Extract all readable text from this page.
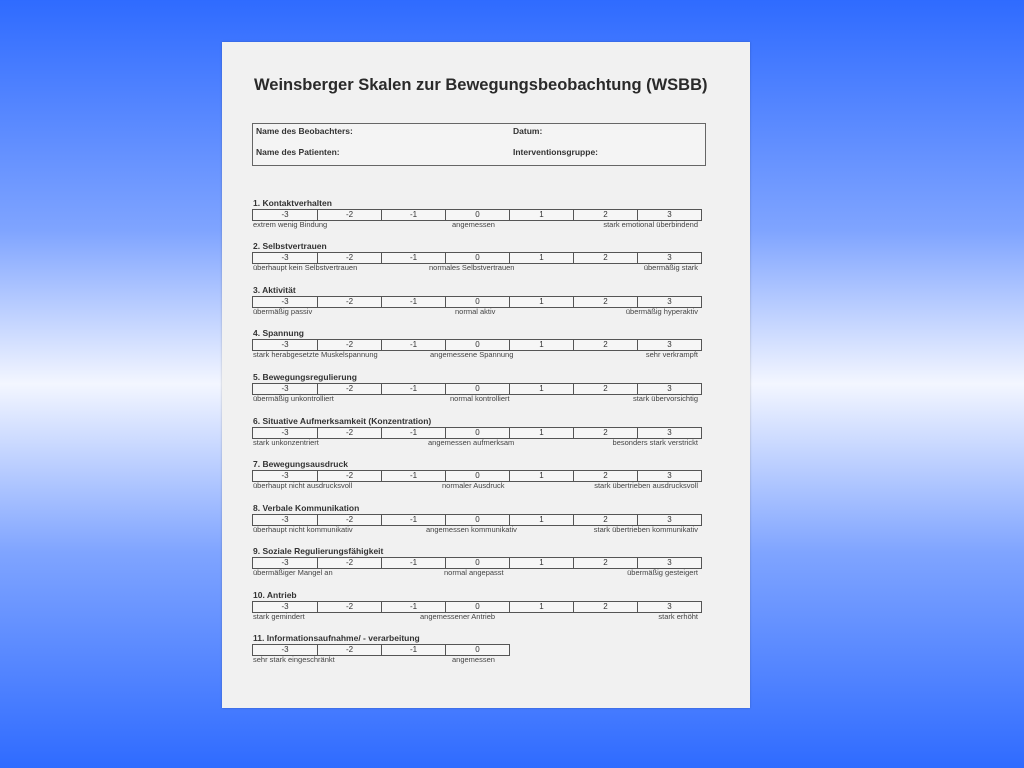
Weinsberger Skalen zur Bewegungsbeobachtung (WSBB)
Name des Beobachters:	Datum:
Name des Patienten:	Interventionsgruppe:
1. Kontaktverhalten
-3	-2	-1	0	1	2	3
extrem wenig Bindung	angemessen	stark emotional überbindend
2. Selbstvertrauen
-3	-2	-1	0	1	2	3
überhaupt kein Selbstvertrauen	normales Selbstvertrauen	übermäßig stark
3. Aktivität
-3	-2	-1	0	1	2	3
übermäßig passiv	normal aktiv	übermäßig hyperaktiv
4. Spannung
-3	-2	-1	0	1	2	3
stark herabgesetzte Muskelspannung	angemessene Spannung	sehr verkrampft
5. Bewegungsregulierung
-3	-2	-1	0	1	2	3
übermäßig unkontrolliert	normal kontrolliert	stark übervorsichtig
6. Situative Aufmerksamkeit (Konzentration)
-3	-2	-1	0	1	2	3
stark unkonzentriert	angemessen aufmerksam	besonders stark verstrickt
7. Bewegungsausdruck
-3	-2	-1	0	1	2	3
überhaupt nicht ausdrucksvoll	normaler Ausdruck	stark übertrieben ausdrucksvoll
8. Verbale Kommunikation
-3	-2	-1	0	1	2	3
überhaupt nicht kommunikativ	angemessen kommunikativ	stark übertrieben kommunikativ
9. Soziale Regulierungsfähigkeit
-3	-2	-1	0	1	2	3
übermäßiger Mangel an	normal angepasst	übermäßig gesteigert
10. Antrieb
-3	-2	-1	0	1	2	3
stark gemindert	angemessener Antrieb	stark erhöht
11. Informationsaufnahme/ - verarbeitung
-3	-2	-1	0
sehr stark eingeschränkt	angemessen
